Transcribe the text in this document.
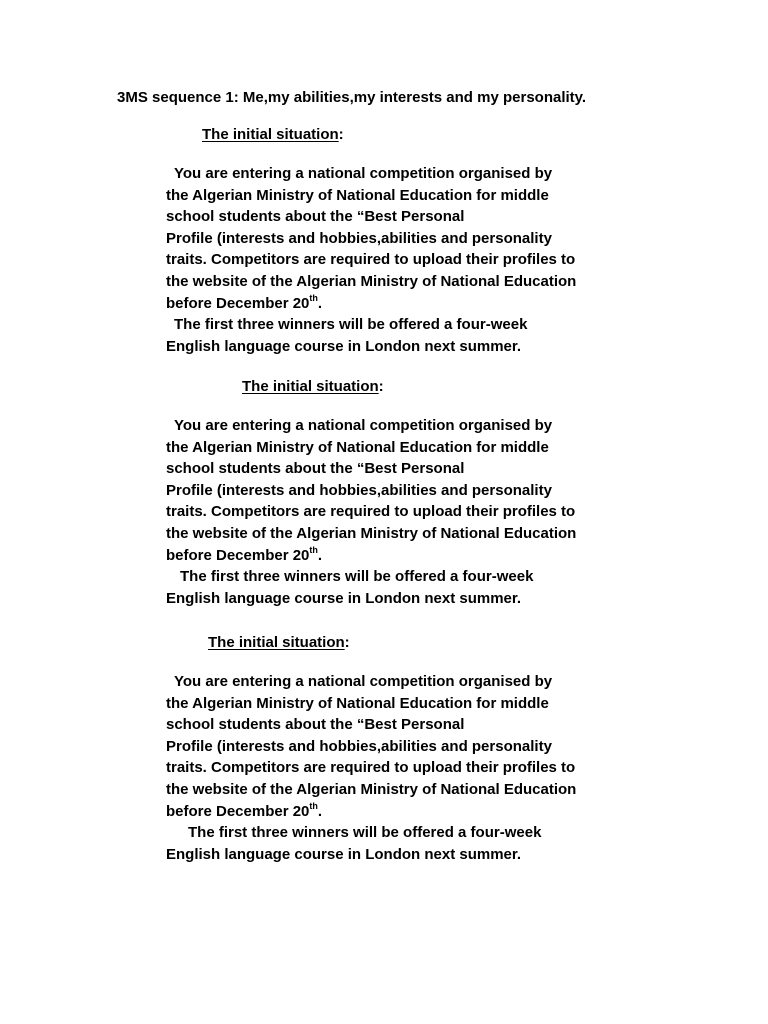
3MS sequence 1: Me,my abilities,my interests and my personality.
The initial situation:
You are entering a national competition organised by
the Algerian Ministry of National Education for middle
school students about the “Best Personal
Profile (interests and hobbies,abilities and personality
traits. Competitors are required to upload their profiles to
the website of the Algerian Ministry of National Education
before December 20th.
The first three winners will be offered a four-week
English language course in London next summer.
The initial situation:
You are entering a national competition organised by
the Algerian Ministry of National Education for middle
school students about the “Best Personal
Profile (interests and hobbies,abilities and personality
traits. Competitors are required to upload their profiles to
the website of the Algerian Ministry of National Education
before December 20th.
The first three winners will be offered a four-week
English language course in London next summer.
The initial situation:
You are entering a national competition organised by
the Algerian Ministry of National Education for middle
school students about the “Best Personal
Profile (interests and hobbies,abilities and personality
traits. Competitors are required to upload their profiles to
the website of the Algerian Ministry of National Education
before December 20th.
The first three winners will be offered a four-week
English language course in London next summer.
